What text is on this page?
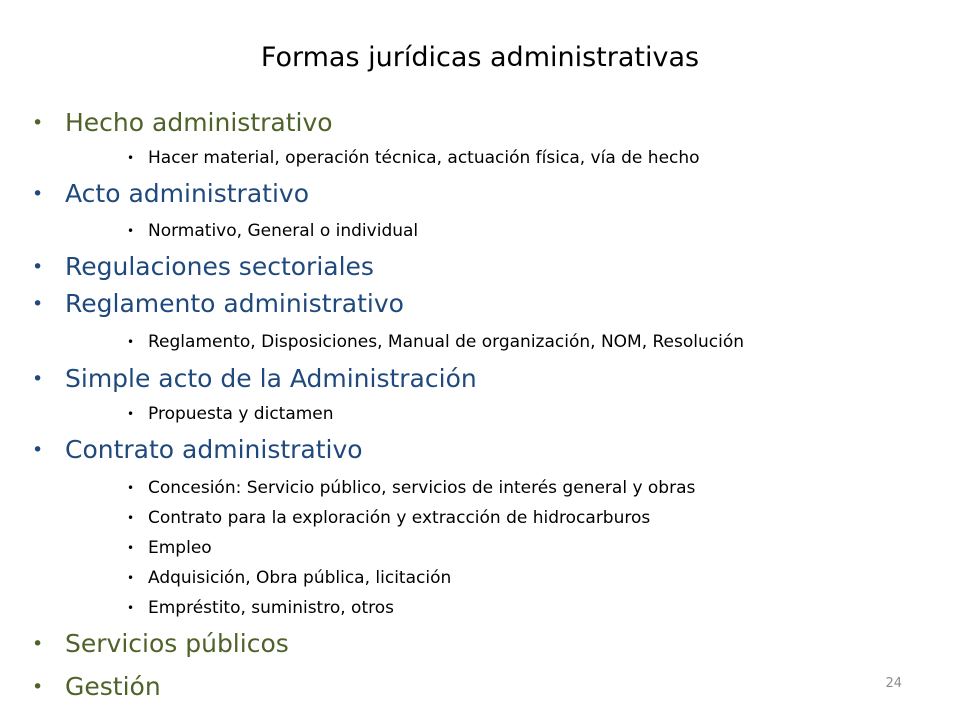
Formas jurídicas administrativas
• Hecho administrativo
• Hacer material, operación técnica, actuación física, vía de hecho
• Acto administrativo
• Normativo, General o individual
• Regulaciones sectoriales
• Reglamento administrativo
• Reglamento, Disposiciones, Manual de organización, NOM, Resolución
• Simple acto de la Administración
• Propuesta y dictamen
• Contrato administrativo
• Concesión: Servicio público, servicios de interés general y obras
• Contrato para la exploración y extracción de hidrocarburos
• Empleo
• Adquisición, Obra pública, licitación
• Empréstito, suministro, otros
• Servicios públicos
• Gestión	24
